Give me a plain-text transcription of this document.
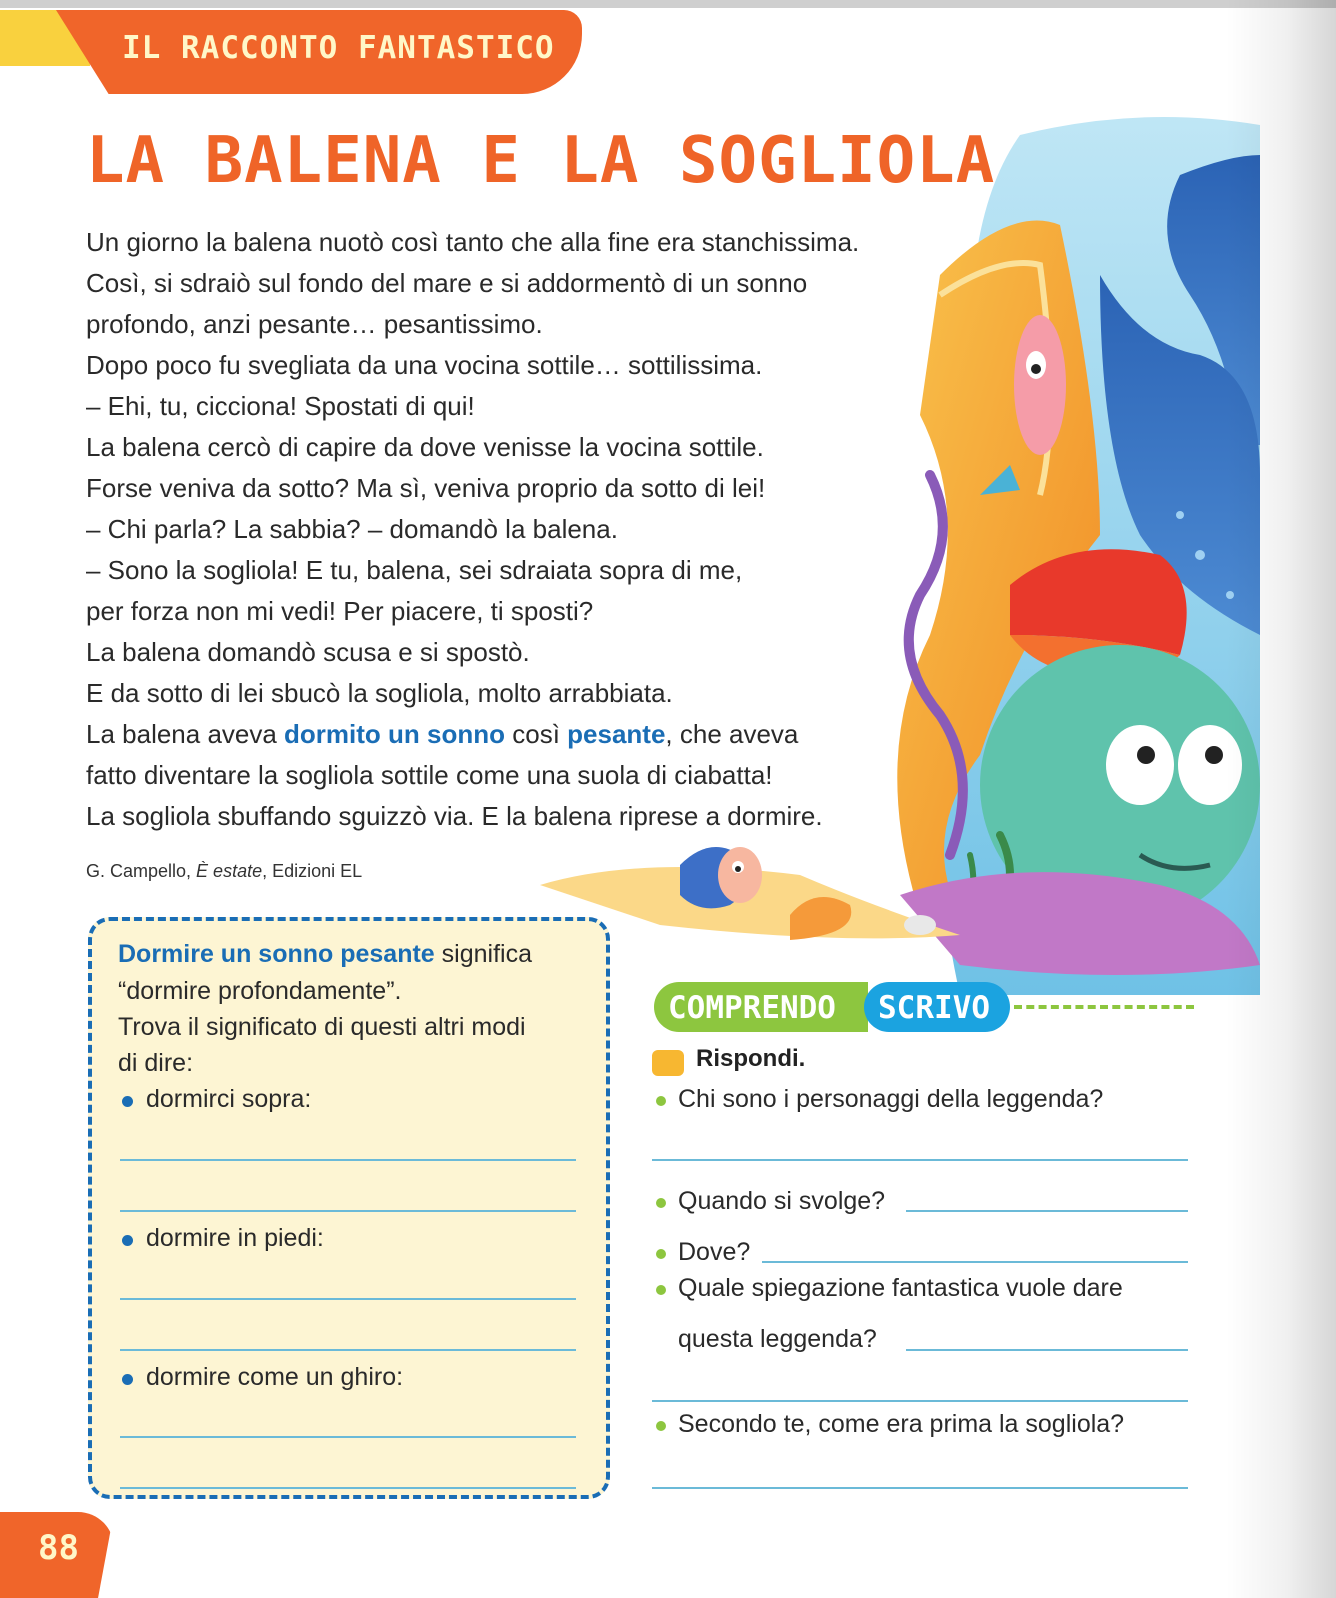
IL RACCONTO FANTASTICO
LA BALENA E LA SOGLIOLA
Un giorno la balena nuotò così tanto che alla fine era stanchissima.
Così, si sdraiò sul fondo del mare e si addormentò di un sonno
profondo, anzi pesante… pesantissimo.
Dopo poco fu svegliata da una vocina sottile… sottilissima.
– Ehi, tu, cicciona! Spostati di qui!
La balena cercò di capire da dove venisse la vocina sottile.
Forse veniva da sotto? Ma sì, veniva proprio da sotto di lei!
– Chi parla? La sabbia? – domandò la balena.
– Sono la sogliola! E tu, balena, sei sdraiata sopra di me,
per forza non mi vedi! Per piacere, ti sposti?
La balena domandò scusa e si spostò.
E da sotto di lei sbucò la sogliola, molto arrabbiata.
La balena aveva dormito un sonno così pesante, che aveva
fatto diventare la sogliola sottile come una suola di ciabatta!
La sogliola sbuffando sguizzò via. E la balena riprese a dormire.
G. Campello, È estate, Edizioni EL
Dormire un sonno pesante significa
“dormire profondamente”.
Trova il significato di questi altri modi
di dire:
dormirci sopra:
dormire in piedi:
dormire come un ghiro:
COMPRENDO SCRIVO
Rispondi.
Chi sono i personaggi della leggenda?
Quando si svolge?
Dove?
Quale spiegazione fantastica vuole dare
questa leggenda?
Secondo te, come era prima la sogliola?
88
